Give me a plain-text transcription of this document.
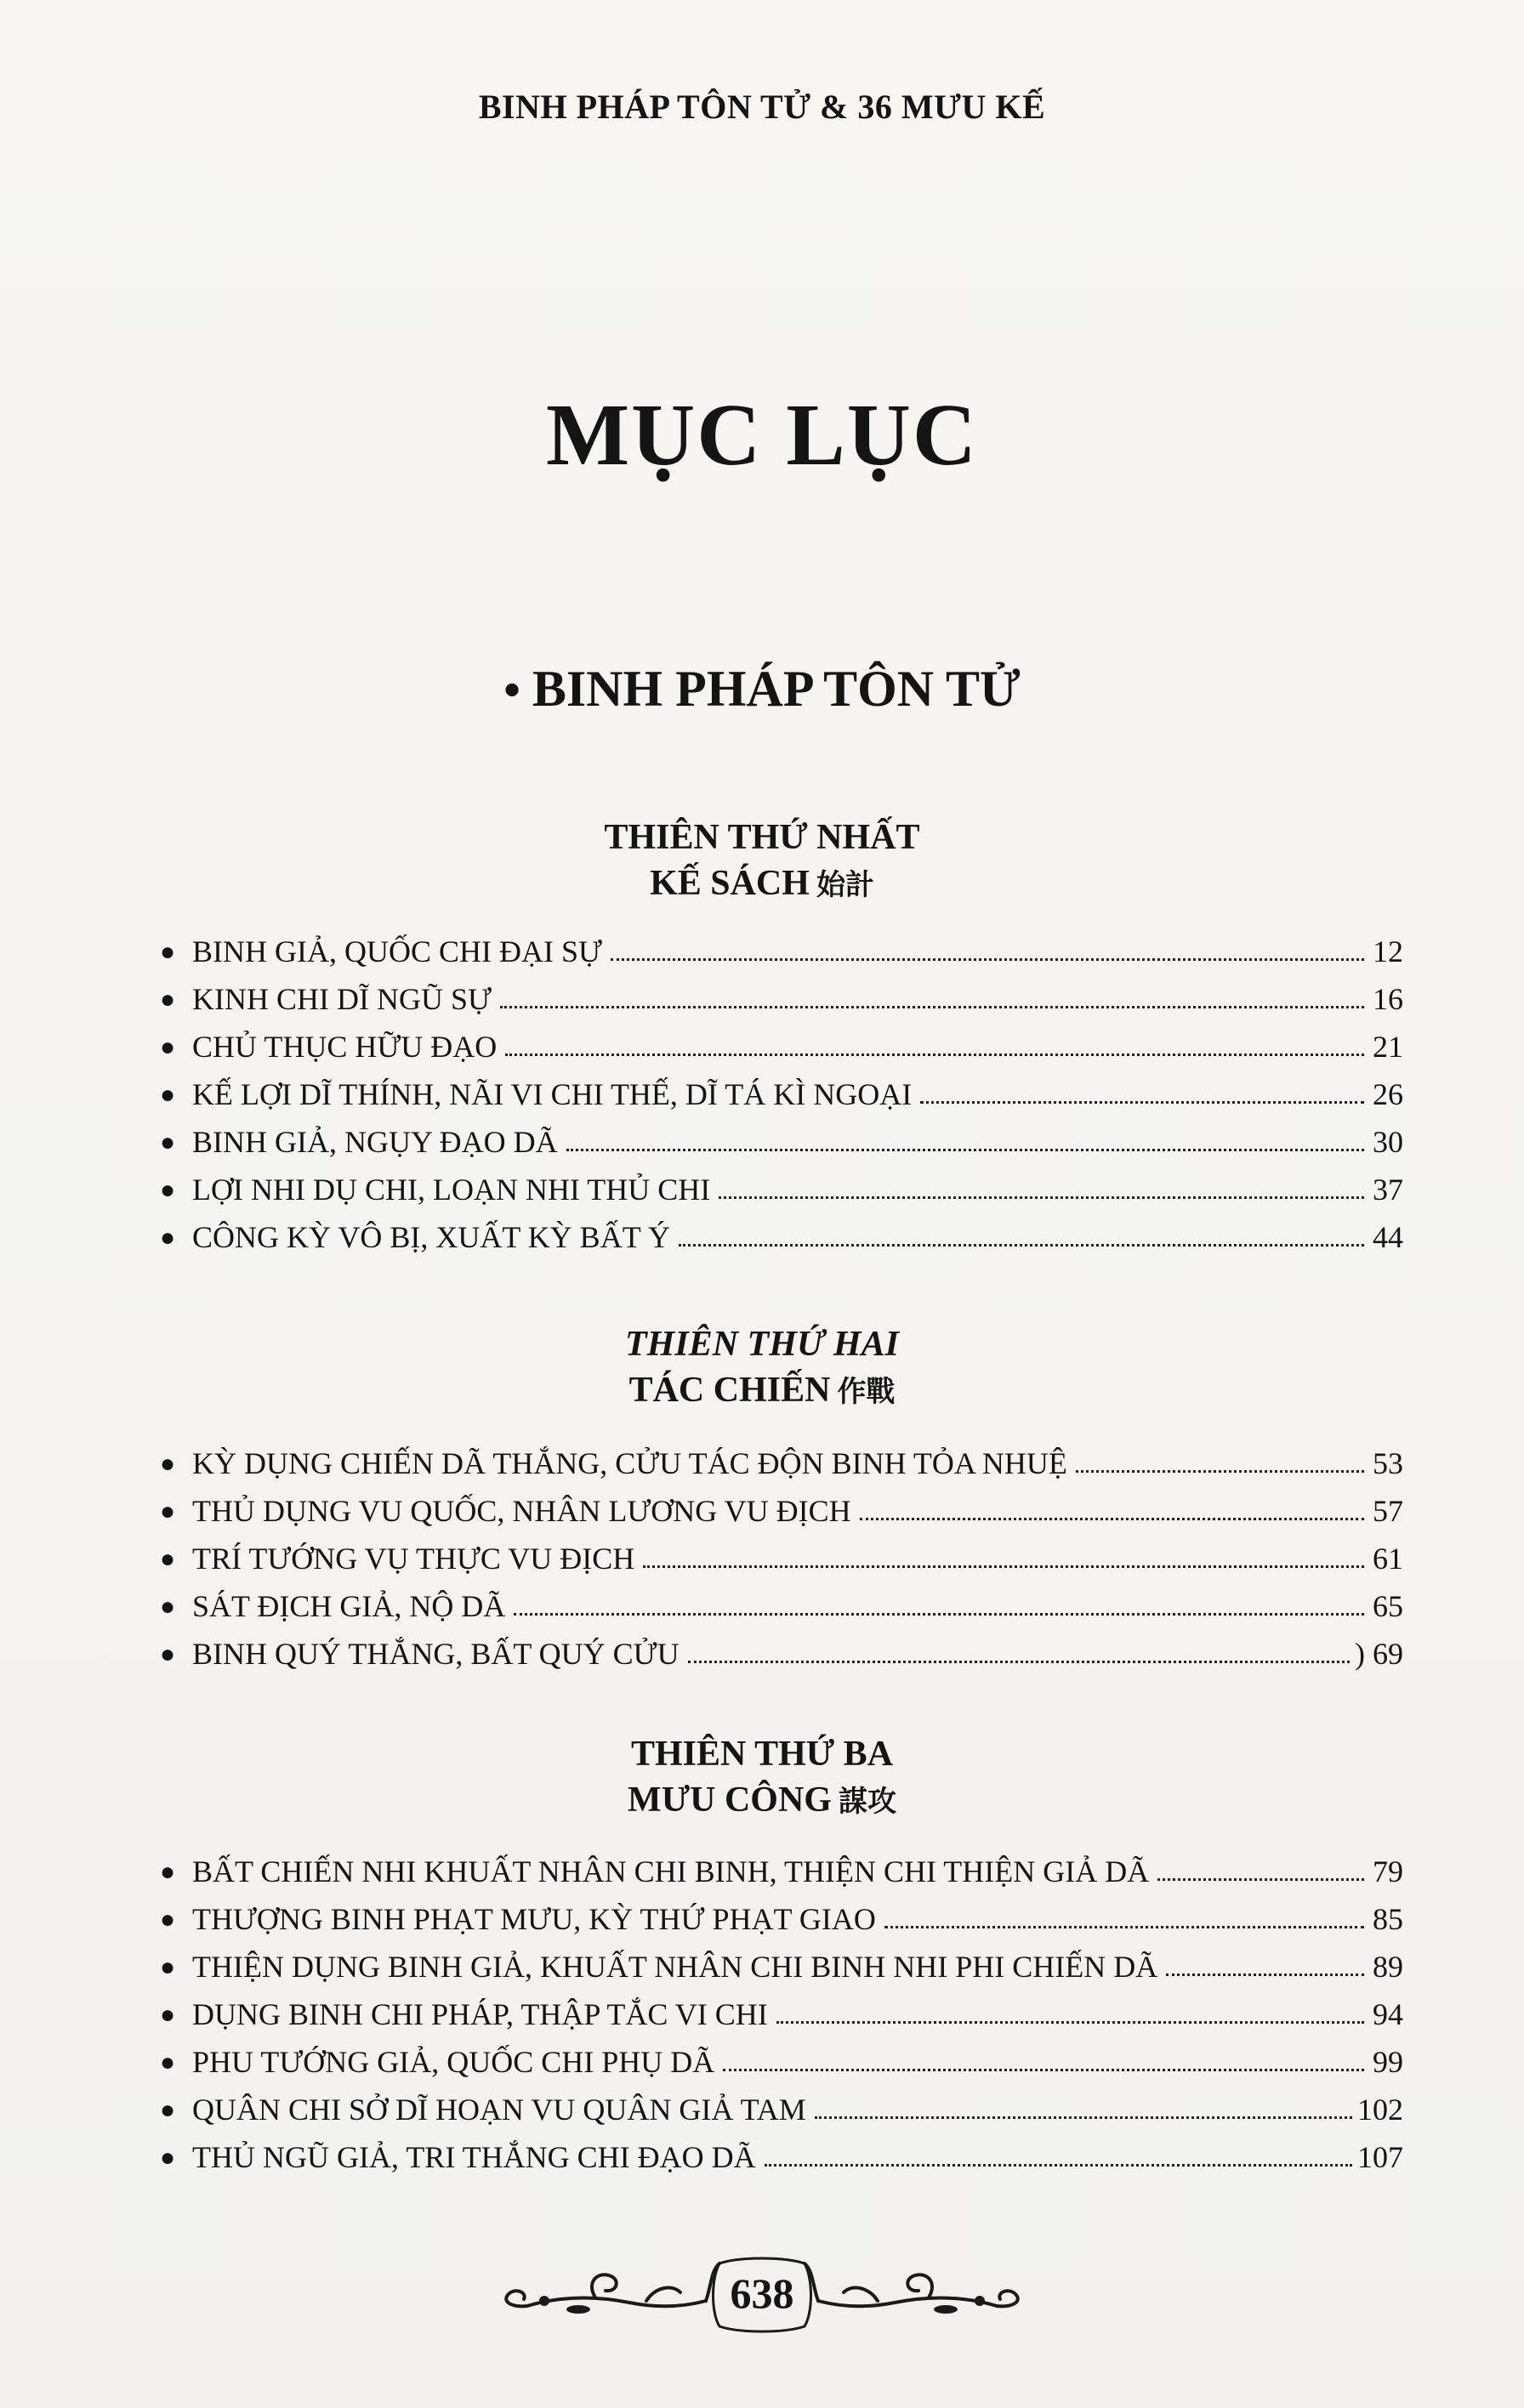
BINH PHÁP TÔN TỬ & 36 MƯU KẾ
MỤC LỤC
• BINH PHÁP TÔN TỬ
THIÊN THỨ NHẤT
KẾ SÁCH 始計
● BINH GIẢ, QUỐC CHI ĐẠI SỰ	12
● KINH CHI DĨ NGŨ SỰ	16
● CHỦ THỤC HỮU ĐẠO	21
● KẾ LỢI DĨ THÍNH, NÃI VI CHI THẾ, DĨ TÁ KÌ NGOẠI	26
● BINH GIẢ, NGỤY ĐẠO DÃ	30
● LỢI NHI DỤ CHI, LOẠN NHI THỦ CHI	37
● CÔNG KỲ VÔ BỊ, XUẤT KỲ BẤT Ý	44
THIÊN THỨ HAI
TÁC CHIẾN 作戰
● KỲ DỤNG CHIẾN DÃ THẮNG, CỬU TÁC ĐỘN BINH TỎA NHUỆ	53
● THỦ DỤNG VU QUỐC, NHÂN LƯƠNG VU ĐỊCH	57
● TRÍ TƯỚNG VỤ THỰC VU ĐỊCH	61
● SÁT ĐỊCH GIẢ, NỘ DÃ	65
● BINH QUÝ THẮNG, BẤT QUÝ CỬU	) 69
THIÊN THỨ BA
MƯU CÔNG 謀攻
● BẤT CHIẾN NHI KHUẤT NHÂN CHI BINH, THIỆN CHI THIỆN GIẢ DÃ	79
● THƯỢNG BINH PHẠT MƯU, KỲ THỨ PHẠT GIAO	85
● THIỆN DỤNG BINH GIẢ, KHUẤT NHÂN CHI BINH NHI PHI CHIẾN DÃ	89
● DỤNG BINH CHI PHÁP, THẬP TẮC VI CHI	94
● PHU TƯỚNG GIẢ, QUỐC CHI PHỤ DÃ	99
● QUÂN CHI SỞ DĨ HOẠN VU QUÂN GIẢ TAM	102
● THỦ NGŨ GIẢ, TRI THẮNG CHI ĐẠO DÃ	107
638
